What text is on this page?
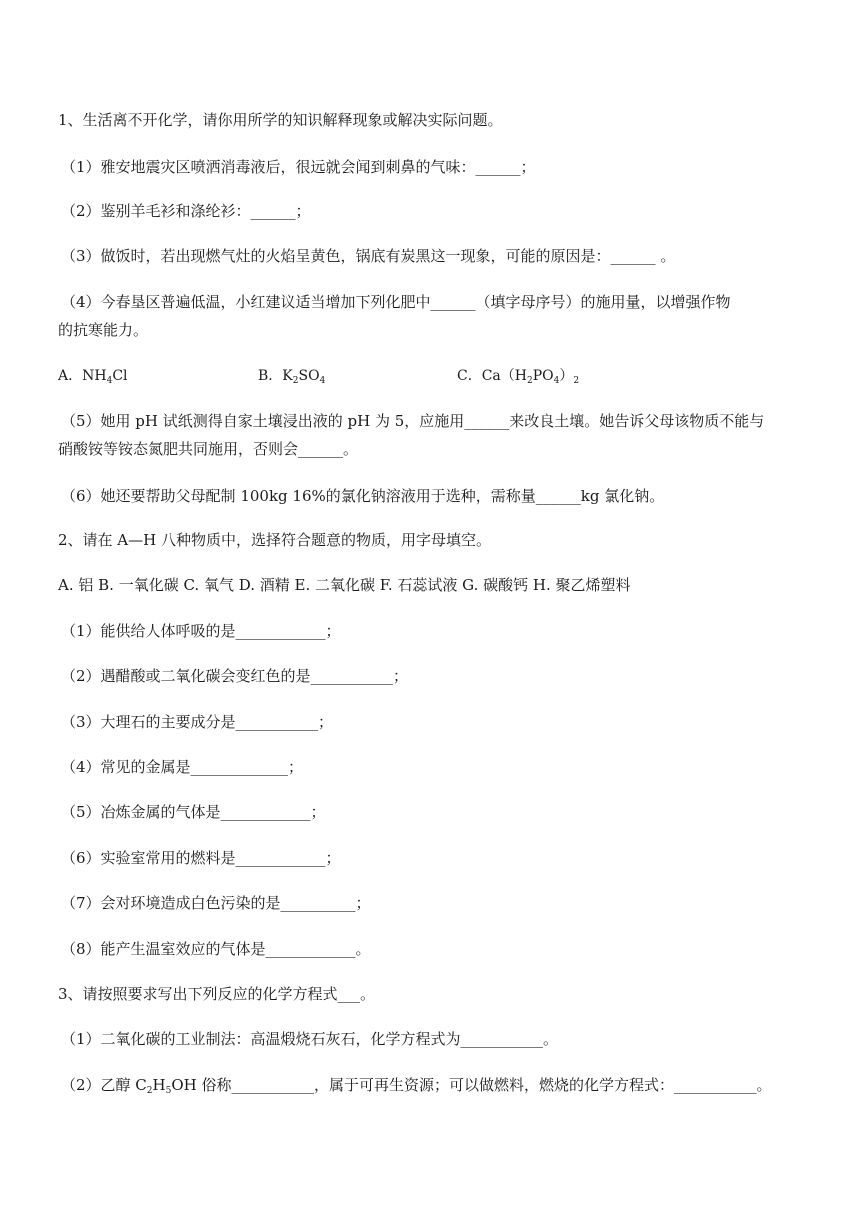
1、生活离不开化学，请你用所学的知识解释现象或解决实际问题。
（1）雅安地震灾区喷洒消毒液后，很远就会闻到刺鼻的气味：______；
（2）鉴别羊毛衫和涤纶衫：______；
（3）做饭时，若出现燃气灶的火焰呈黄色，锅底有炭黑这一现象，可能的原因是：______ 。
（4）今春垦区普遍低温，小红建议适当增加下列化肥中______（填字母序号）的施用量，以增强作物
的抗寒能力。
A．$NH_4Cl$	B．$K_2SO_4$	C．$Ca(H_2PO_4)_2$
（5）她用 pH 试纸测得自家土壤浸出液的 pH 为 5，应施用______来改良土壤。她告诉父母该物质不能与
硝酸铵等铵态氮肥共同施用，否则会______。
（6）她还要帮助父母配制 100kg 16%的氯化钠溶液用于选种，需称量______kg 氯化钠。
2、请在 A—H 八种物质中，选择符合题意的物质，用字母填空。
A. 铝 B. 一氧化碳 C. 氧气 D. 酒精 E. 二氧化碳 F. 石蕊试液 G. 碳酸钙 H. 聚乙烯塑料
（1）能供给人体呼吸的是____________；
（2）遇醋酸或二氧化碳会变红色的是___________；
（3）大理石的主要成分是___________；
（4）常见的金属是_____________；
（5）冶炼金属的气体是____________；
（6）实验室常用的燃料是____________；
（7）会对环境造成白色污染的是__________；
（8）能产生温室效应的气体是____________。
3、请按照要求写出下列反应的化学方程式___。
（1）二氧化碳的工业制法：高温煅烧石灰石，化学方程式为___________。
（2）乙醇 $C_2H_5OH$ 俗称___________，属于可再生资源；可以做燃料，燃烧的化学方程式：___________。
